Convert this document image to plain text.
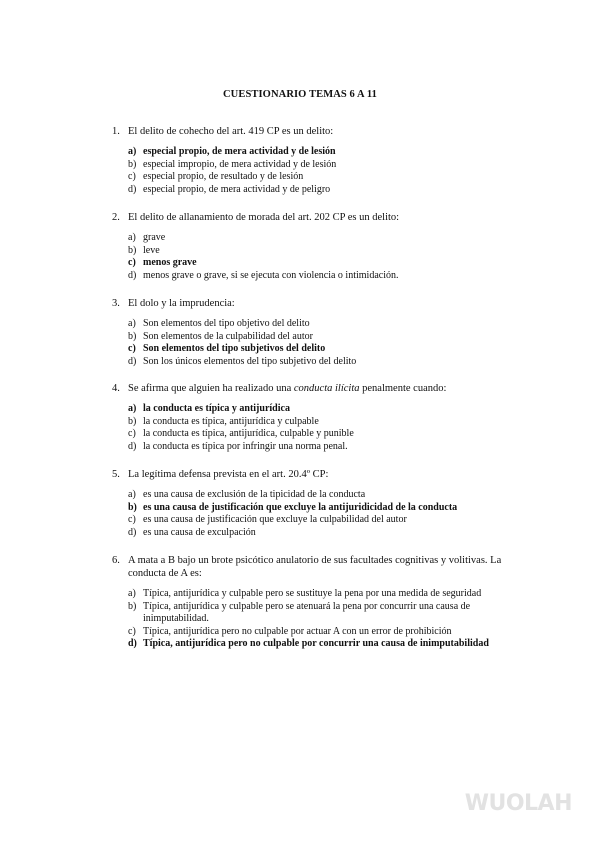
CUESTIONARIO TEMAS 6 A 11
1. El delito de cohecho del art. 419 CP es un delito:
a) especial propio, de mera actividad y de lesión
b) especial impropio, de mera actividad y de lesión
c) especial propio, de resultado y de lesión
d) especial propio, de mera actividad y de peligro
2. El delito de allanamiento de morada del art. 202 CP es un delito:
a) grave
b) leve
c) menos grave
d) menos grave o grave, si se ejecuta con violencia o intimidación.
3. El dolo y la imprudencia:
a) Son elementos del tipo objetivo del delito
b) Son elementos de la culpabilidad del autor
c) Son elementos del tipo subjetivos del delito
d) Son los únicos elementos del tipo subjetivo del delito
4. Se afirma que alguien ha realizado una conducta ilícita penalmente cuando:
a) la conducta es típica y antijurídica
b) la conducta es típica, antijurídica y culpable
c) la conducta es típica, antijurídica, culpable y punible
d) la conducta es típica por infringir una norma penal.
5. La legítima defensa prevista en el art. 20.4º CP:
a) es una causa de exclusión de la tipicidad de la conducta
b) es una causa de justificación que excluye la antijuridicidad de la conducta
c) es una causa de justificación que excluye la culpabilidad del autor
d) es una causa de exculpación
6. A mata a B bajo un brote psicótico anulatorio de sus facultades cognitivas y volitivas. La conducta de A es:
a) Típica, antijurídica y culpable pero se sustituye la pena por una medida de seguridad
b) Típica, antijurídica y culpable pero se atenuará la pena por concurrir una causa de inimputabilidad.
c) Típica, antijurídica pero no culpable por actuar A con un error de prohibición
d) Típica, antijurídica pero no culpable por concurrir una causa de inimputabilidad
WUOLAH
